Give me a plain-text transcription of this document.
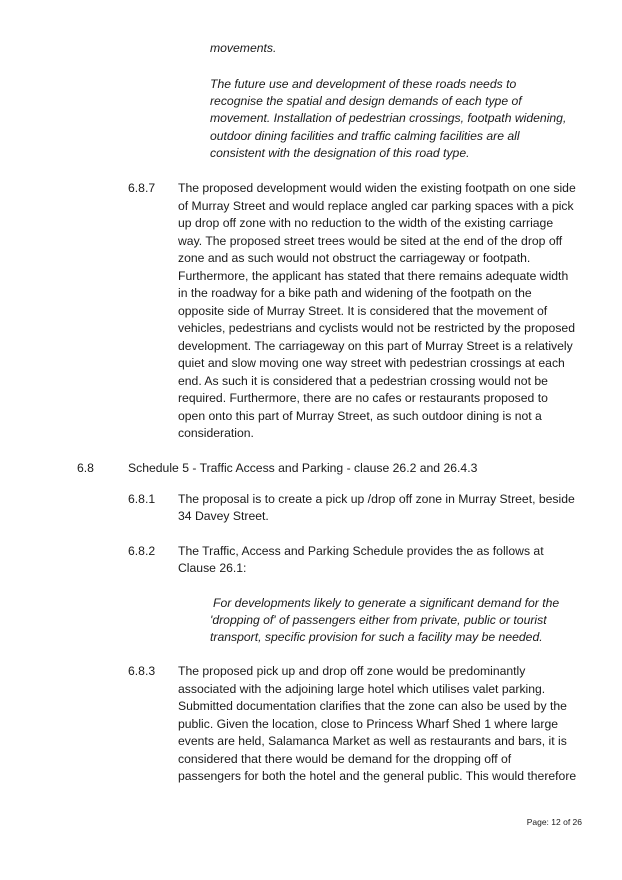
movements.
The future use and development of these roads needs to
recognise the spatial and design demands of each type of
movement. Installation of pedestrian crossings, footpath widening,
outdoor dining facilities and traffic calming facilities are all
consistent with the designation of this road type.
6.8.7 The proposed development would widen the existing footpath on one side
of Murray Street and would replace angled car parking spaces with a pick
up drop off zone with no reduction to the width of the existing carriage
way. The proposed street trees would be sited at the end of the drop off
zone and as such would not obstruct the carriageway or footpath.
Furthermore, the applicant has stated that there remains adequate width
in the roadway for a bike path and widening of the footpath on the
opposite side of Murray Street. It is considered that the movement of
vehicles, pedestrians and cyclists would not be restricted by the proposed
development. The carriageway on this part of Murray Street is a relatively
quiet and slow moving one way street with pedestrian crossings at each
end. As such it is considered that a pedestrian crossing would not be
required. Furthermore, there are no cafes or restaurants proposed to
open onto this part of Murray Street, as such outdoor dining is not a
consideration.
6.8	Schedule 5 - Traffic Access and Parking - clause 26.2 and 26.4.3
6.8.1 The proposal is to create a pick up /drop off zone in Murray Street, beside
34 Davey Street.
6.8.2 The Traffic, Access and Parking Schedule provides the as follows at
Clause 26.1:
For developments likely to generate a significant demand for the
'dropping of' of passengers either from private, public or tourist
transport, specific provision for such a facility may be needed.
6.8.3 The proposed pick up and drop off zone would be predominantly
associated with the adjoining large hotel which utilises valet parking.
Submitted documentation clarifies that the zone can also be used by the
public. Given the location, close to Princess Wharf Shed 1 where large
events are held, Salamanca Market as well as restaurants and bars, it is
considered that there would be demand for the dropping off of
passengers for both the hotel and the general public. This would therefore
Page: 12 of 26
